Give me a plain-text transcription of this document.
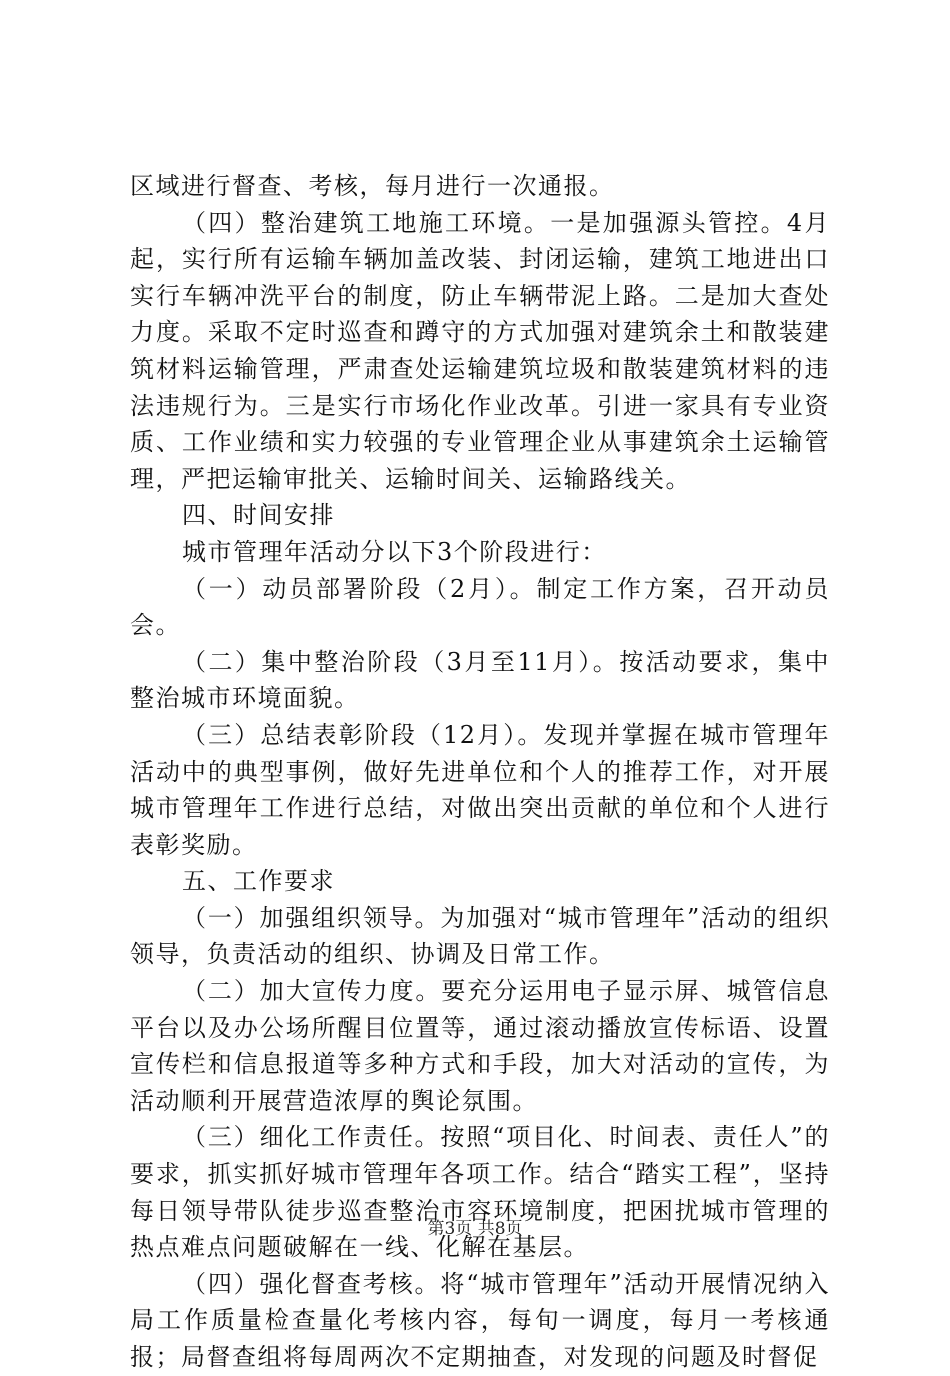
区域进行督查、考核，每月进行一次通报。

（四）整治建筑工地施工环境。一是加强源头管控。4月起，实行所有运输车辆加盖改装、封闭运输，建筑工地进出口实行车辆冲洗平台的制度，防止车辆带泥上路。二是加大查处力度。采取不定时巡查和蹲守的方式加强对建筑余土和散装建筑材料运输管理，严肃查处运输建筑垃圾和散装建筑材料的违法违规行为。三是实行市场化作业改革。引进一家具有专业资质、工作业绩和实力较强的专业管理企业从事建筑余土运输管理，严把运输审批关、运输时间关、运输路线关。

四、时间安排

城市管理年活动分以下3个阶段进行：

（一）动员部署阶段（2月）。制定工作方案，召开动员会。

（二）集中整治阶段（3月至11月）。按活动要求，集中整治城市环境面貌。

（三）总结表彰阶段（12月）。发现并掌握在城市管理年活动中的典型事例，做好先进单位和个人的推荐工作，对开展城市管理年工作进行总结，对做出突出贡献的单位和个人进行表彰奖励。

五、工作要求

（一）加强组织领导。为加强对“城市管理年”活动的组织领导，负责活动的组织、协调及日常工作。

（二）加大宣传力度。要充分运用电子显示屏、城管信息平台以及办公场所醒目位置等，通过滚动播放宣传标语、设置宣传栏和信息报道等多种方式和手段，加大对活动的宣传，为活动顺利开展营造浓厚的舆论氛围。

（三）细化工作责任。按照“项目化、时间表、责任人”的要求，抓实抓好城市管理年各项工作。结合“踏实工程”，坚持每日领导带队徒步巡查整治市容环境制度，把困扰城市管理的热点难点问题破解在一线、化解在基层。

（四）强化督查考核。将“城市管理年”活动开展情况纳入局工作质量检查量化考核内容，每旬一调度，每月一考核通报；局督查组将每周两次不定期抽查，对发现的问题及时督促

第3页 共8页
